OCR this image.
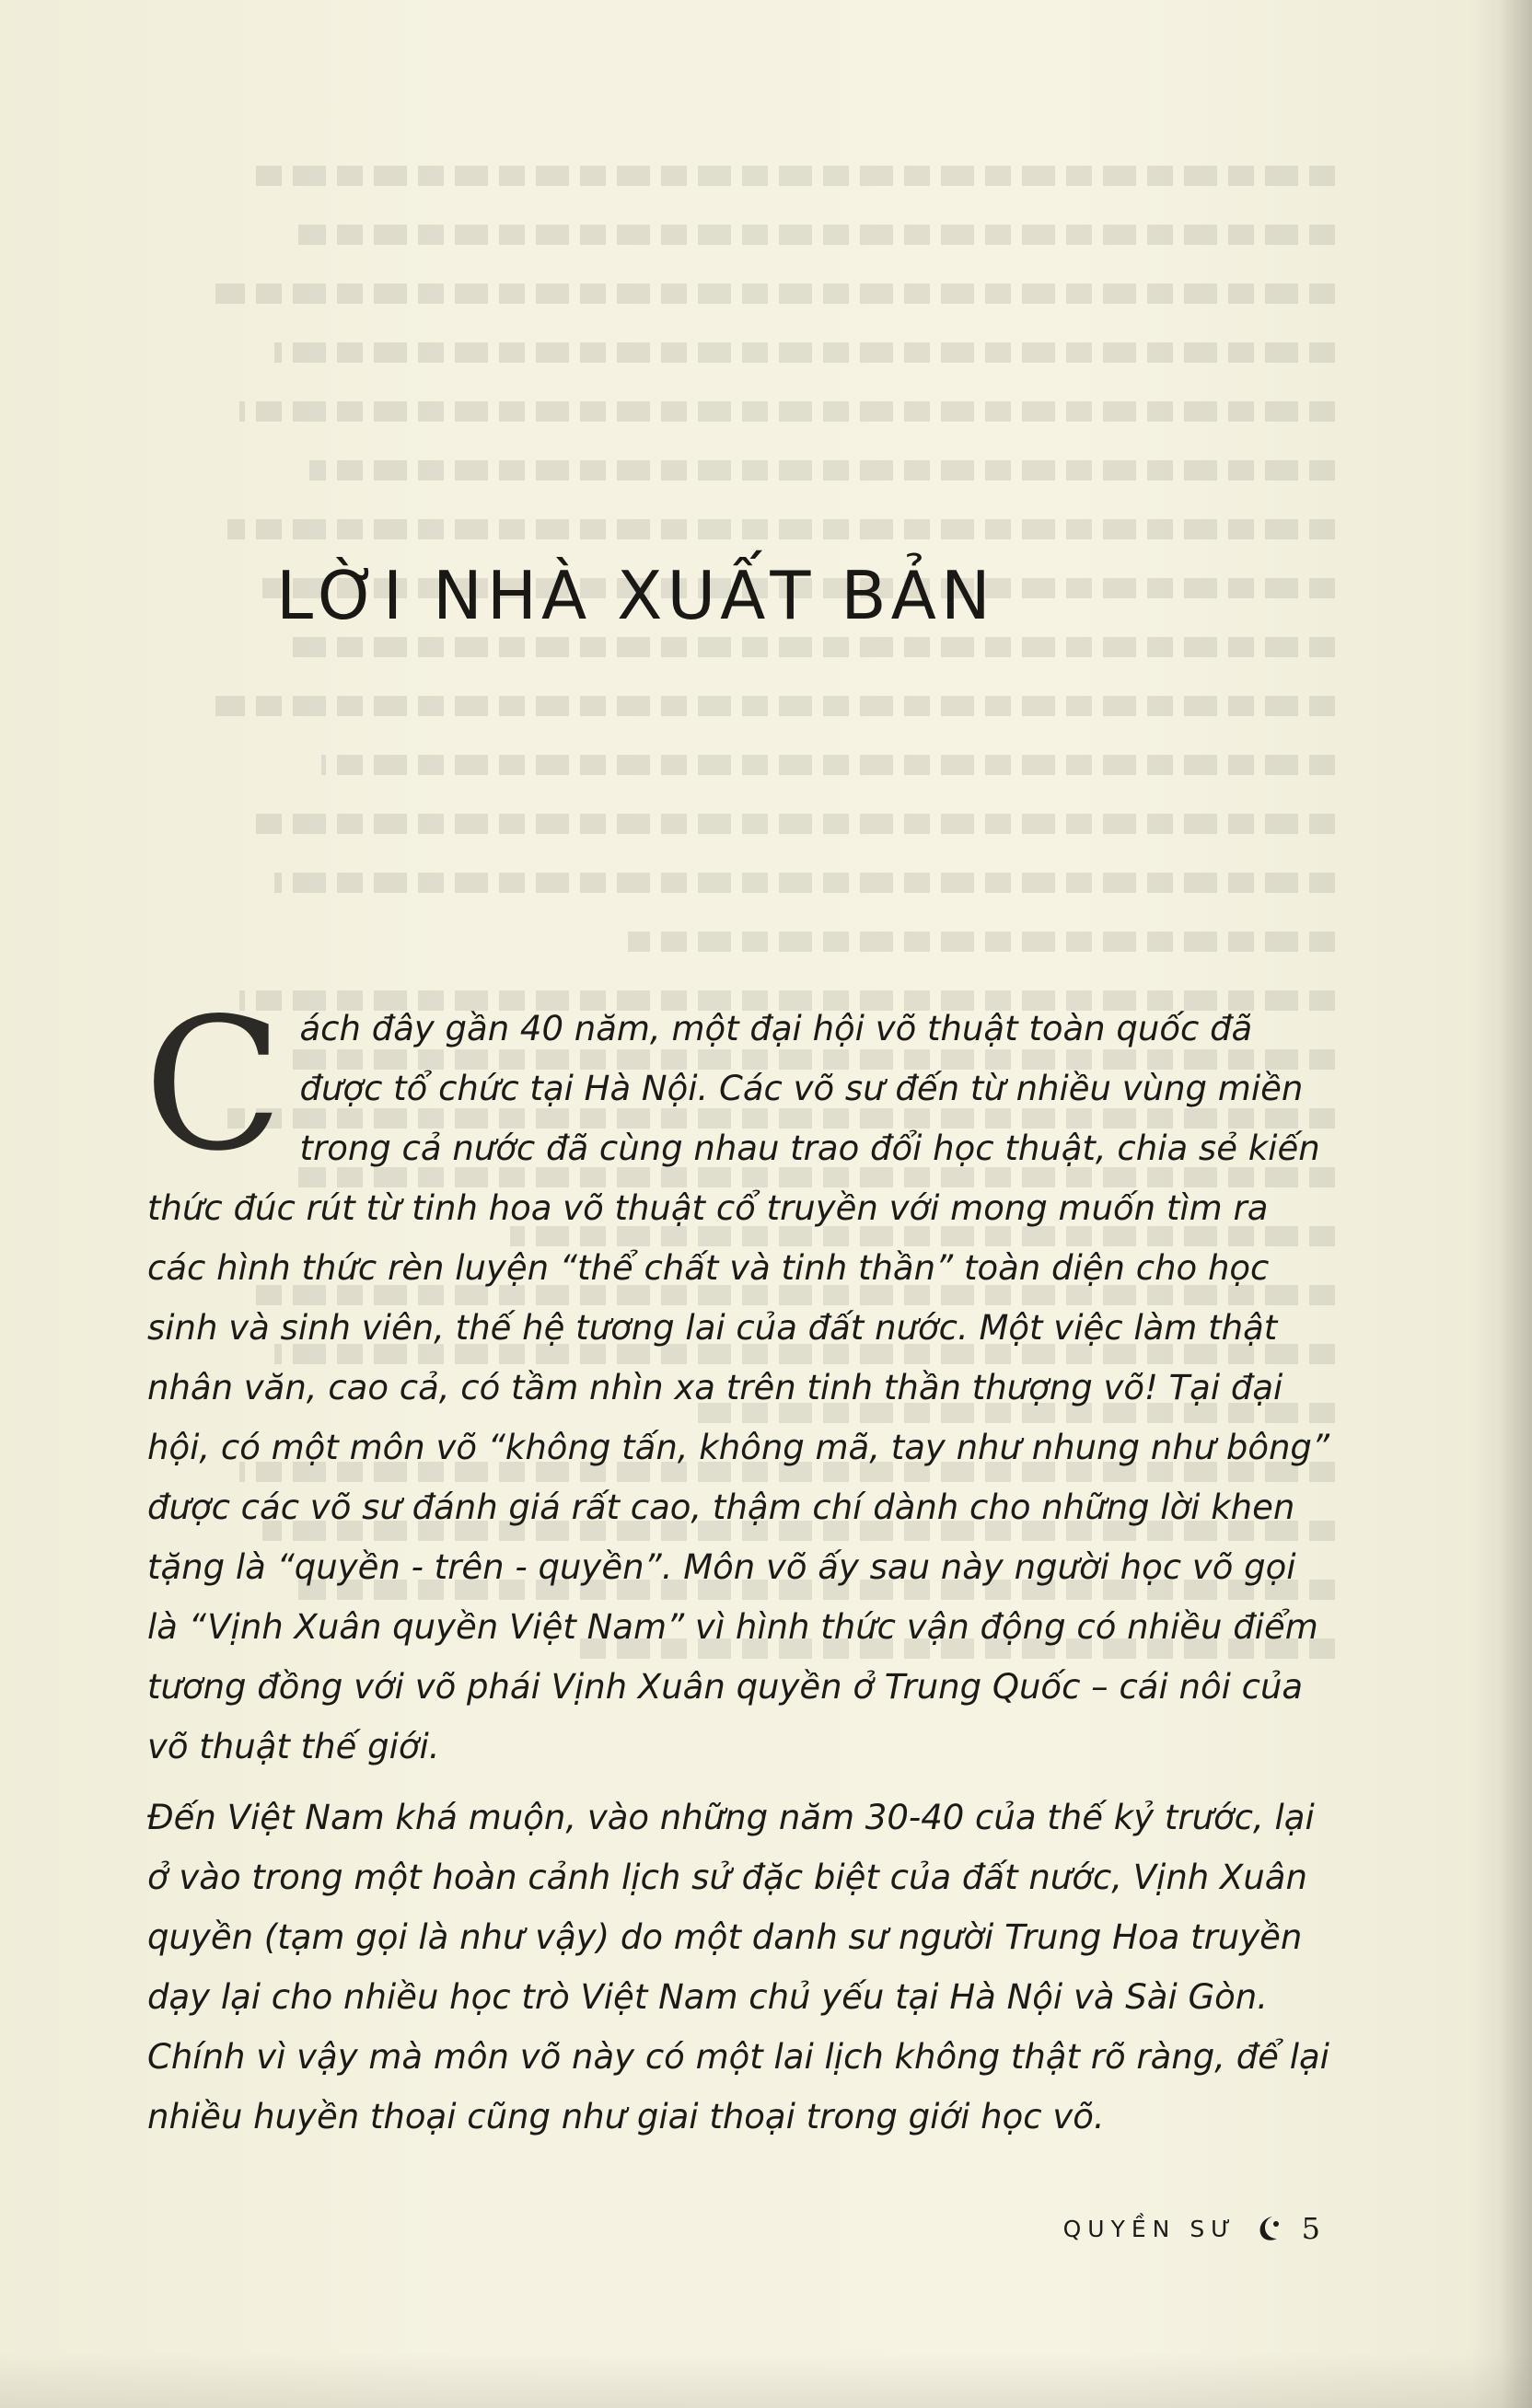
LỜI NHÀ XUẤT BẢN

Cách đây gần 40 năm, một đại hội võ thuật toàn quốc đã được tổ chức tại Hà Nội. Các võ sư đến từ nhiều vùng miền trong cả nước đã cùng nhau trao đổi học thuật, chia sẻ kiến thức đúc rút từ tinh hoa võ thuật cổ truyền với mong muốn tìm ra các hình thức rèn luyện “thể chất và tinh thần” toàn diện cho học sinh và sinh viên, thế hệ tương lai của đất nước. Một việc làm thật nhân văn, cao cả, có tầm nhìn xa trên tinh thần thượng võ! Tại đại hội, có một môn võ “không tấn, không mã, tay như nhung như bông” được các võ sư đánh giá rất cao, thậm chí dành cho những lời khen tặng là “quyền - trên - quyền”. Môn võ ấy sau này người học võ gọi là “Vịnh Xuân quyền Việt Nam” vì hình thức vận động có nhiều điểm tương đồng với võ phái Vịnh Xuân quyền ở Trung Quốc – cái nôi của võ thuật thế giới.

Đến Việt Nam khá muộn, vào những năm 30-40 của thế kỷ trước, lại ở vào trong một hoàn cảnh lịch sử đặc biệt của đất nước, Vịnh Xuân quyền (tạm gọi là như vậy) do một danh sư người Trung Hoa truyền dạy lại cho nhiều học trò Việt Nam chủ yếu tại Hà Nội và Sài Gòn. Chính vì vậy mà môn võ này có một lai lịch không thật rõ ràng, để lại nhiều huyền thoại cũng như giai thoại trong giới học võ.

QUYỀN SƯ 5
